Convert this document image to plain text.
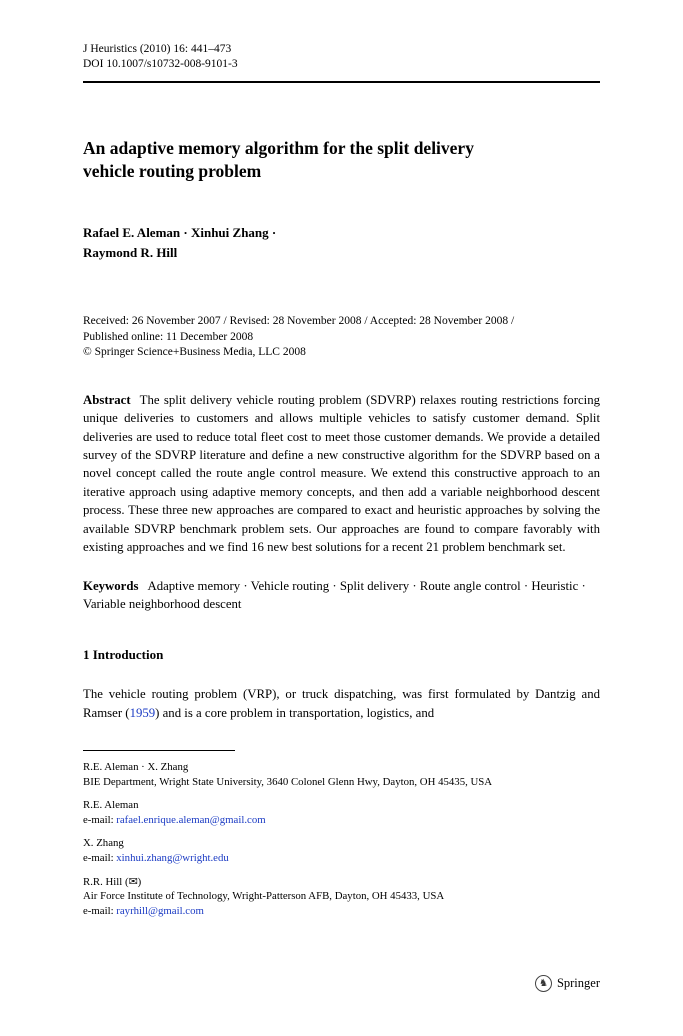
J Heuristics (2010) 16: 441–473
DOI 10.1007/s10732-008-9101-3
An adaptive memory algorithm for the split delivery
vehicle routing problem
Rafael E. Aleman · Xinhui Zhang ·
Raymond R. Hill
Received: 26 November 2007 / Revised: 28 November 2008 / Accepted: 28 November 2008 /
Published online: 11 December 2008
© Springer Science+Business Media, LLC 2008

Abstract The split delivery vehicle routing problem (SDVRP) relaxes routing restrictions forcing unique deliveries to customers and allows multiple vehicles to satisfy customer demand. Split deliveries are used to reduce total fleet cost to meet those customer demands. We provide a detailed survey of the SDVRP literature and define a new constructive algorithm for the SDVRP based on a novel concept called the route angle control measure. We extend this constructive approach to an iterative approach using adaptive memory concepts, and then add a variable neighborhood descent process. These three new approaches are compared to exact and heuristic approaches by solving the available SDVRP benchmark problem sets. Our approaches are found to compare favorably with existing approaches and we find 16 new best solutions for a recent 21 problem benchmark set.

Keywords Adaptive memory · Vehicle routing · Split delivery · Route angle control · Heuristic · Variable neighborhood descent

1 Introduction

The vehicle routing problem (VRP), or truck dispatching, was first formulated by Dantzig and Ramser (1959) and is a core problem in transportation, logistics, and

R.E. Aleman · X. Zhang
BIE Department, Wright State University, 3640 Colonel Glenn Hwy, Dayton, OH 45435, USA
R.E. Aleman
e-mail: rafael.enrique.aleman@gmail.com
X. Zhang
e-mail: xinhui.zhang@wright.edu
R.R. Hill (✉)
Air Force Institute of Technology, Wright-Patterson AFB, Dayton, OH 45433, USA
e-mail: rayrhill@gmail.com
♞ Springer
